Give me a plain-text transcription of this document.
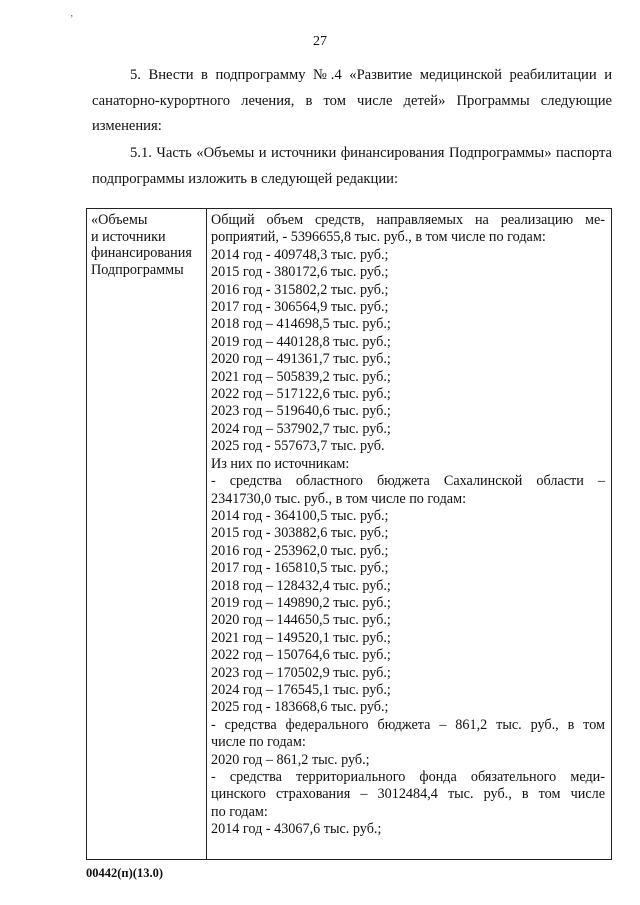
27

5. Внести в подпрограмму №.4 «Развитие медицинской реабилитации и санаторно-курортного лечения, в том числе детей» Программы следующие изменения:

5.1. Часть «Объемы и источники финансирования Подпрограммы» паспорта подпрограммы изложить в следующей редакции:

«Объемы
и источники
финансирования
Подпрограммы
Общий объем средств, направляемых на реализацию ме-
роприятий, - 5396655,8 тыс. руб., в том числе по годам:
2014 год - 409748,3 тыс. руб.;
2015 год - 380172,6 тыс. руб.;
2016 год - 315802,2 тыс. руб.;
2017 год - 306564,9 тыс. руб.;
2018 год – 414698,5 тыс. руб.;
2019 год – 440128,8 тыс. руб.;
2020 год – 491361,7 тыс. руб.;
2021 год – 505839,2 тыс. руб.;
2022 год – 517122,6 тыс. руб.;
2023 год – 519640,6 тыс. руб.;
2024 год – 537902,7 тыс. руб.;
2025 год - 557673,7 тыс. руб.
Из них по источникам:
- средства областного бюджета Сахалинской области –
2341730,0 тыс. руб., в том числе по годам:
2014 год - 364100,5 тыс. руб.;
2015 год - 303882,6 тыс. руб.;
2016 год - 253962,0 тыс. руб.;
2017 год - 165810,5 тыс. руб.;
2018 год – 128432,4 тыс. руб.;
2019 год – 149890,2 тыс. руб.;
2020 год – 144650,5 тыс. руб.;
2021 год – 149520,1 тыс. руб.;
2022 год – 150764,6 тыс. руб.;
2023 год – 170502,9 тыс. руб.;
2024 год – 176545,1 тыс. руб.;
2025 год - 183668,6 тыс. руб.;
- средства федерального бюджета – 861,2 тыс. руб., в том
числе по годам:
2020 год – 861,2 тыс. руб.;
- средства территориального фонда обязательного меди-
цинского страхования – 3012484,4 тыс. руб., в том числе
по годам:
2014 год - 43067,6 тыс. руб.;
00442(п)(13.0)
ʼ
